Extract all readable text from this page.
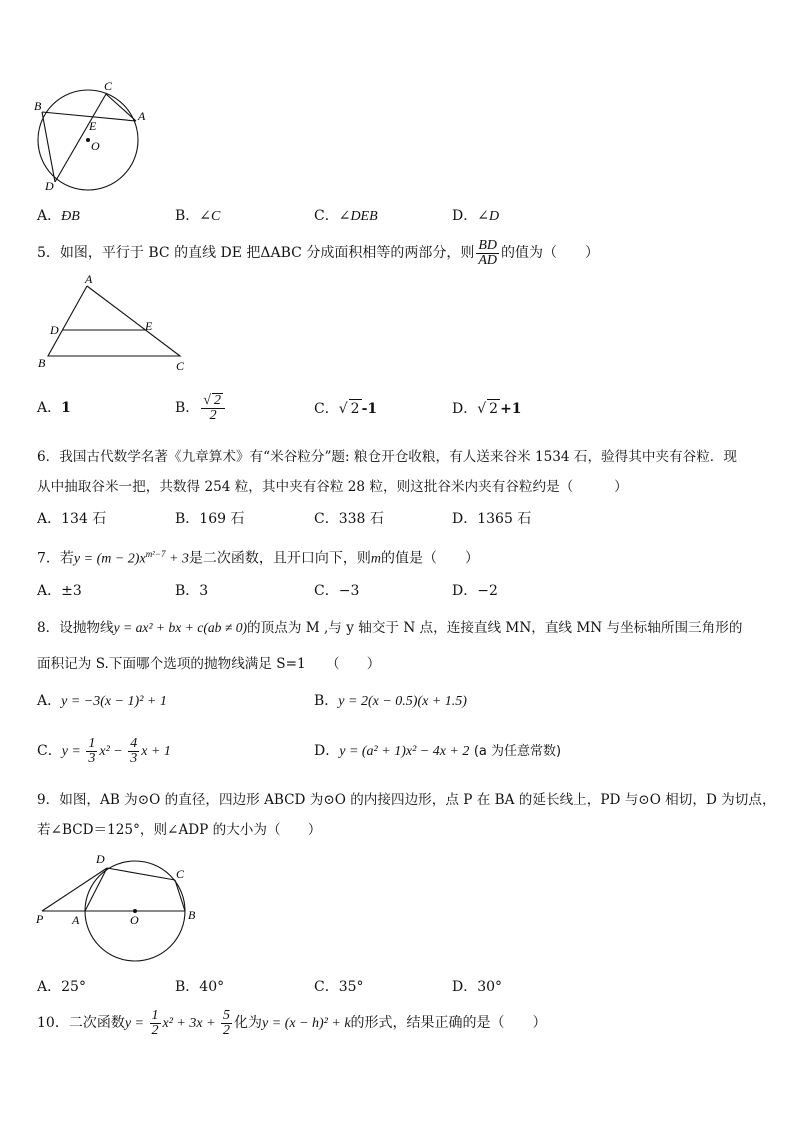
C
B
A
E
O
D
A．ÐB	B．∠C	C．∠DEB	D．∠D
5．如图，平行于 BC 的直线 DE 把ΔABC 分成面积相等的两部分，则 $\frac{BD}{AD}$ 的值为（　　）
A
D	E
B	C
A．1	B． $\frac{√ 2}{2}$	C．√ 2 -1	D．√ 2 +1
6．我国古代数学名著《九章算术》有“米谷粒分”题: 粮仓开仓收粮，有人送来谷米 1534 石，验得其中夹有谷粒．现
从中抽取谷米一把，共数得 254 粒，其中夹有谷粒 28 粒，则这批谷米内夹有谷粒约是（　　　）
A．134 石	B．169 石	C．338 石	D．1365 石
7．若$y = (m - 2)x^{m^2-7} + 3$是二次函数，且开口向下，则m的值是（　　）
A．±3	B．3	C．−3	D．−2
8．设抛物线y = ax² + bx + c(ab ≠ 0)的顶点为 M ,与 y 轴交于 N 点，连接直线 MN，直线 MN 与坐标轴所围三角形的
面积记为 S.下面哪个选项的抛物线满足 S=1　　（　　）
A．y = −3(x − 1)² + 1	B．y = 2(x − 0.5)(x + 1.5)
C．$y = \frac{1}{3} x^2 - \frac{4}{3}$ x + 1	D．y = (a² + 1)x² − 4x + 2 (a 为任意常数)
9．如图，AB 为⊙O 的直径，四边形 ABCD 为⊙O 的内接四边形，点 P 在 BA 的延长线上，PD 与⊙O 相切，D 为切点，
若∠BCD＝125°，则∠ADP 的大小为（　　）
D
C
P A	O	B
A．25°	B．40°	C．35°	D．30°
10．二次函数$y = \frac{1}{2} x^2 + 3x + \frac{5}{2}$ 化为y = (x − h)² + k的形式，结果正确的是（　　）
